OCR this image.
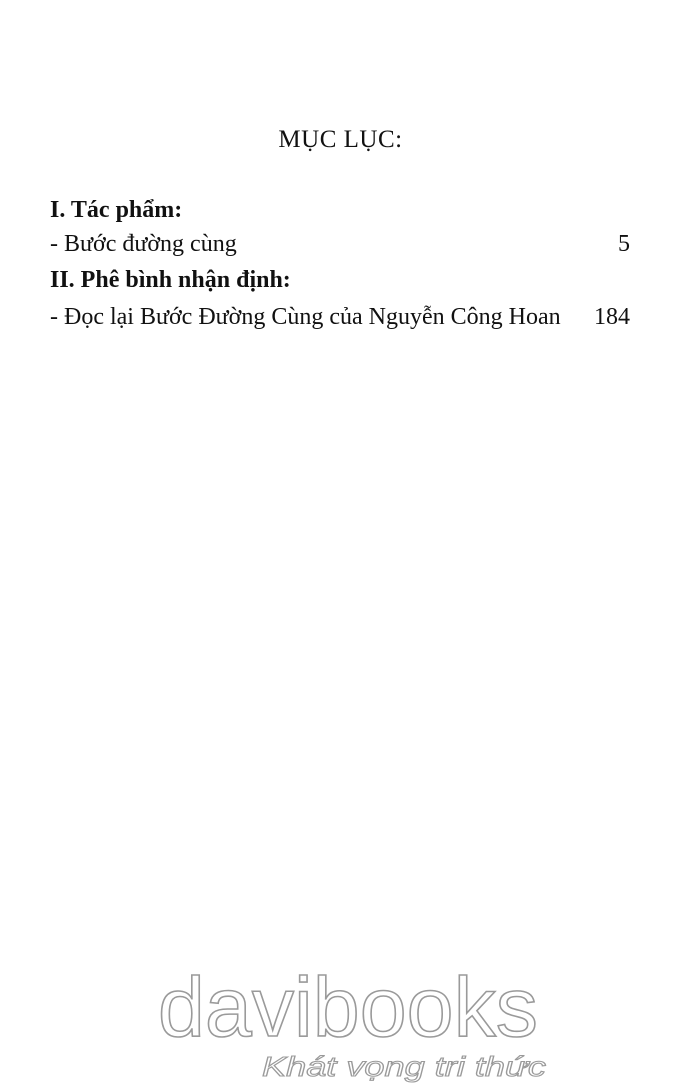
MỤC LỤC:
I. Tác phẩm:
- Bước đường cùng	5
II. Phê bình nhận định:
- Đọc lại Bước Đường Cùng của Nguyễn Công Hoan 184
davibooks
Khát vọng tri thức
